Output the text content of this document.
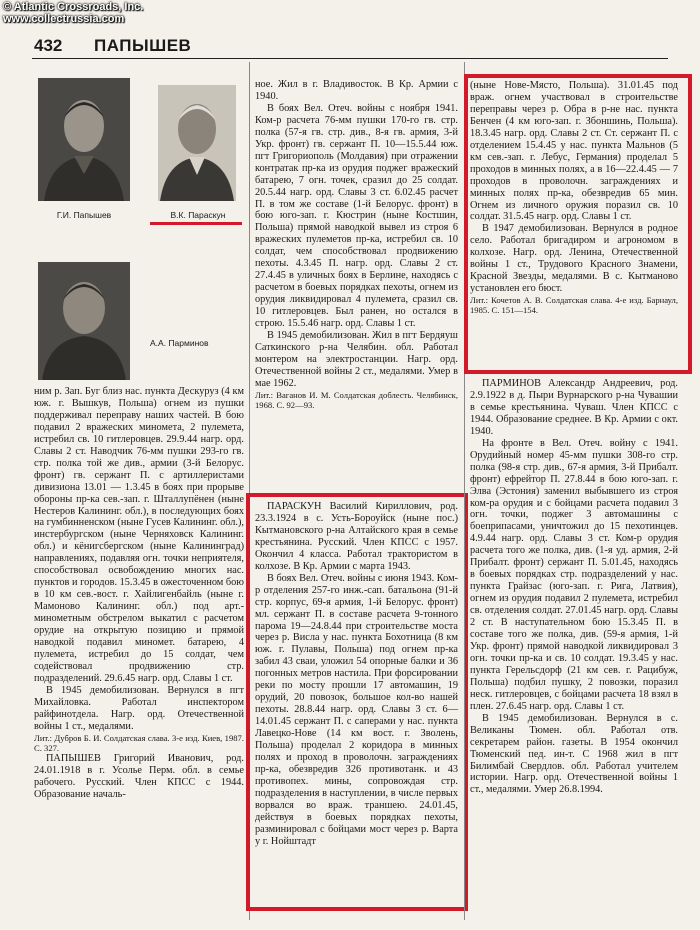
© Atlantic Crossroads, Inc.
www.collectrussia.com
432 ПАПЫШЕВ
Г.И. Папышев	В.К. Параскун
А.А. Парминов

ним р. Зап. Буг близ нас. пункта Дескуруз (4 км юж. г. Вышкув, Польша) огнем из пушки поддерживал переправу наших частей. В бою подавил 2 вражеских миномета, 2 пулемета, истребил св. 10 гитлеровцев. 29.9.44 нагр. орд. Славы 2 ст. Наводчик 76-мм пушки 293-го гв. стр. полка той же див., армии (3-й Белорус. фронт) гв. сержант П. с артиллеристами дивизиона 13.01 — 1.3.45 в боях при прорыве обороны пр-ка сев.-зап. г. Шталлупёнен (ныне Нестеров Калининг. обл.), в последующих боях на гумбинненском (ныне Гусев Калининг. обл.), инстербургском (ныне Черняховск Калининг. обл.) и кёнигсбергском (ныне Калининград) направлениях, подавляя огн. точки неприятеля, способствовал освобождению многих нас. пунктов и городов. 15.3.45 в ожесточенном бою в 10 км сев.-вост. г. Хайлигенбайль (ныне г. Мамоново Калининг. обл.) под арт.-минометным обстрелом выкатил с расчетом орудие на открытую позицию и прямой наводкой подавил миномет. батарею, 4 пулемета, истребил до 15 солдат, чем содействовал продвижению стр. подразделений. 29.6.45 нагр. орд. Славы 1 ст.

В 1945 демобилизован. Вернулся в пгт Михайловка. Работал инспектором райфинотдела. Нагр. орд. Отечественной войны 1 ст., медалями.

Лит.: Дубров Б. И. Солдатская слава. 3-е изд. Киев, 1987. С. 327.

ПАПЫШЕВ Григорий Иванович, род. 24.01.1918 в г. Усолье Перм. обл. в семье рабочего. Русский. Член КПСС с 1944. Образование началь-

ное. Жил в г. Владивосток. В Кр. Армии с 1940.

В боях Вел. Отеч. войны с ноября 1941. Ком-р расчета 76-мм пушки 170-го гв. стр. полка (57-я гв. стр. див., 8-я гв. армия, 3-й Укр. фронт) гв. сержант П. 10—15.5.44 юж. пгт Григориополь (Молдавия) при отражении контратак пр-ка из орудия поджег вражеский батарею, 7 огн. точек, сразил до 25 солдат. 20.5.44 нагр. орд. Славы 3 ст. 6.02.45 расчет П. в том же составе (1-й Белорус. фронт) в бою юго-зап. г. Кюстрин (ныне Костшин, Польша) прямой наводкой вывел из строя 6 вражеских пулеметов пр-ка, истребил св. 10 солдат, чем способствовал продвижению пехоты. 4.3.45 П. нагр. орд. Славы 2 ст. 27.4.45 в уличных боях в Берлине, находясь с расчетом в боевых порядках пехоты, огнем из орудия ликвидировал 4 пулемета, сразил св. 10 гитлеровцев. Был ранен, но остался в строю. 15.5.46 нагр. орд. Славы 1 ст.

В 1945 демобилизован. Жил в пгт Бердяуш Саткинского р-на Челябин. обл. Работал монтером на электростанции. Нагр. орд. Отечественной войны 2 ст., медалями. Умер в мае 1962.

Лит.: Ваганов И. М. Солдатская доблесть. Челябинск, 1968. С. 92—93.

ПАРАСКУН Василий Кириллович, род. 23.3.1924 в с. Усть-Бороуйск (ныне пос.) Кытмановского р-на Алтайского края в семье крестьянина. Русский. Член КПСС с 1957. Окончил 4 класса. Работал трактористом в колхозе. В Кр. Армии с марта 1943.

В боях Вел. Отеч. войны с июня 1943. Ком-р отделения 257-го инж.-сап. батальона (91-й стр. корпус, 69-я армия, 1-й Белорус. фронт) мл. сержант П. в составе расчета 9-тонного парома 19—24.8.44 при строительстве моста через р. Висла у нас. пункта Бохотница (8 км юж. г. Пулавы, Польша) под огнем пр-ка забил 43 сваи, уложил 54 опорные балки и 36 погонных метров настила. При форсировании реки по мосту прошли 17 автомашин, 19 орудий, 20 повозок, большое кол-во нашей пехоты. 28.8.44 нагр. орд. Славы 3 ст. 6—14.01.45 сержант П. с саперами у нас. пункта Лавецко-Нове (14 км вост. г. Зволень, Польша) проделал 2 коридора в минных полях и проход в проволочн. заграждениях пр-ка, обезвредив 326 противотанк. и 43 противопех. мины, сопровождая стр. подразделения в наступлении, в числе первых ворвался во враж. траншею. 24.01.45, действуя в боевых порядках пехоты, разминировал с бойцами мост через р. Варта у г. Нойштадт

(ныне Нове-Място, Польша). 31.01.45 под враж. огнем участвовал в строительстве переправы через р. Обра в р-не нас. пункта Бенчен (4 км юго-зап. г. Збоншинь, Польша). 18.3.45 нагр. орд. Славы 2 ст. Ст. сержант П. с отделением 15.4.45 у нас. пункта Мальнов (5 км сев.-зап. г. Лебус, Германия) проделал 5 проходов в минных полях, а в 16—22.4.45 — 7 проходов в проволочн. заграждениях и минных полях пр-ка, обезвредив 65 мин. Огнем из личного оружия поразил св. 10 солдат. 31.5.45 нагр. орд. Славы 1 ст.

В 1947 демобилизован. Вернулся в родное село. Работал бригадиром и агрономом в колхозе. Нагр. орд. Ленина, Отечественной войны 1 ст., Трудового Красного Знамени, Красной Звезды, медалями. В с. Кытманово установлен его бюст.

Лит.: Кочетов А. В. Солдатская слава. 4-е изд. Барнаул, 1985. С. 151—154.

ПАРМИНОВ Александр Андреевич, род. 2.9.1922 в д. Пыри Вурнарского р-на Чувашии в семье крестьянина. Чуваш. Член КПСС с 1944. Образование среднее. В Кр. Армии с окт. 1940.

На фронте в Вел. Отеч. войну с 1941. Орудийный номер 45-мм пушки 308-го стр. полка (98-я стр. див., 67-я армия, 3-й Прибалт. фронт) ефрейтор П. 27.8.44 в бою юго-зап. г. Элва (Эстония) заменил выбывшего из строя ком-ра орудия и с бойцами расчета подавил 3 огн. точки, поджег 3 автомашины с боеприпасами, уничтожил до 15 пехотинцев. 4.9.44 нагр. орд. Славы 3 ст. Ком-р орудия расчета того же полка, див. (1-я уд. армия, 2-й Прибалт. фронт) сержант П. 5.01.45, находясь в боевых порядках стр. подразделений у нас. пункта Грайзас (юго-зап. г. Рига, Латвия), огнем из орудия подавил 2 пулемета, истребил св. отделения солдат. 27.01.45 нагр. орд. Славы 2 ст. В наступательном бою 15.3.45 П. в составе того же полка, див. (59-я армия, 1-й Укр. фронт) прямой наводкой ликвидировал 3 огн. точки пр-ка и св. 10 солдат. 19.3.45 у нас. пункта Герельсдорф (21 км сев. г. Рацибуж, Польша) подбил пушку, 2 повозки, поразил неск. гитлеровцев, с бойцами расчета 18 взял в плен. 27.6.45 нагр. орд. Славы 1 ст.

В 1945 демобилизован. Вернулся в с. Великаны Тюмен. обл. Работал отв. секретарем район. газеты. В 1954 окончил Тюменский пед. ин-т. С 1968 жил в пгт Билимбай Свердлов. обл. Работал учителем истории. Нагр. орд. Отечественной войны 1 ст., медалями. Умер 26.8.1994.
